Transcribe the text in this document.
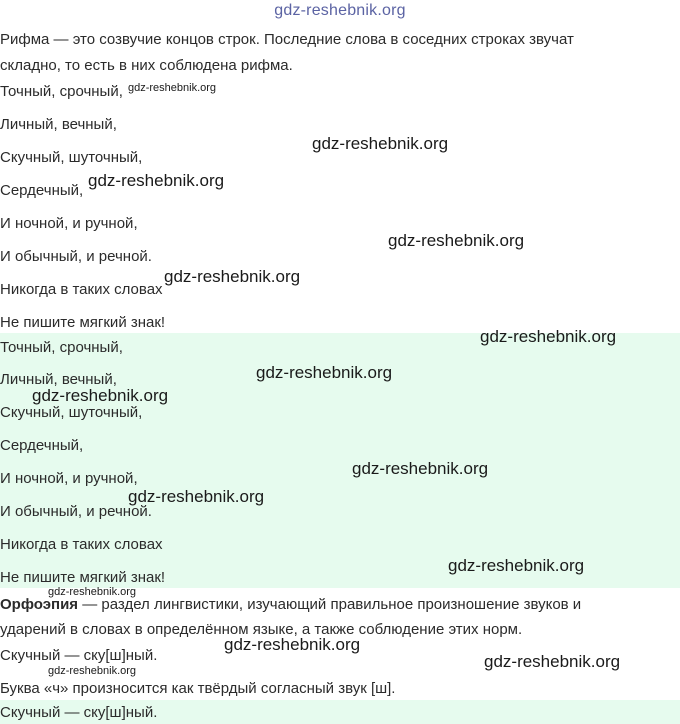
gdz-reshebnik.org
Рифма — это созвучие концов строк. Последние слова в соседних строках звучат
складно, то есть в них соблюдена рифма.
Точный, срочный,
Личный, вечный,
Скучный, шуточный,
Сердечный,
И ночной, и ручной,
И обычный, и речной.
Никогда в таких словах
Не пишите мягкий знак!
Точный, срочный,
Личный, вечный,
Скучный, шуточный,
Сердечный,
И ночной, и ручной,
И обычный, и речной.
Никогда в таких словах
Не пишите мягкий знак!
Орфоэпия — раздел лингвистики, изучающий правильное произношение звуков и
ударений в словах в определённом языке, а также соблюдение этих норм.
Скучный — ску[ш]ный.
Буква «ч» произносится как твёрдый согласный звук [ш].
Скучный — ску[ш]ный.
gdz-reshebnik.org
gdz-reshebnik.org
gdz-reshebnik.org
gdz-reshebnik.org
gdz-reshebnik.org
gdz-reshebnik.org
gdz-reshebnik.org
gdz-reshebnik.org
gdz-reshebnik.org
gdz-reshebnik.org
gdz-reshebnik.org
gdz-reshebnik.org
gdz-reshebnik.org
gdz-reshebnik.org
gdz-reshebnik.org
